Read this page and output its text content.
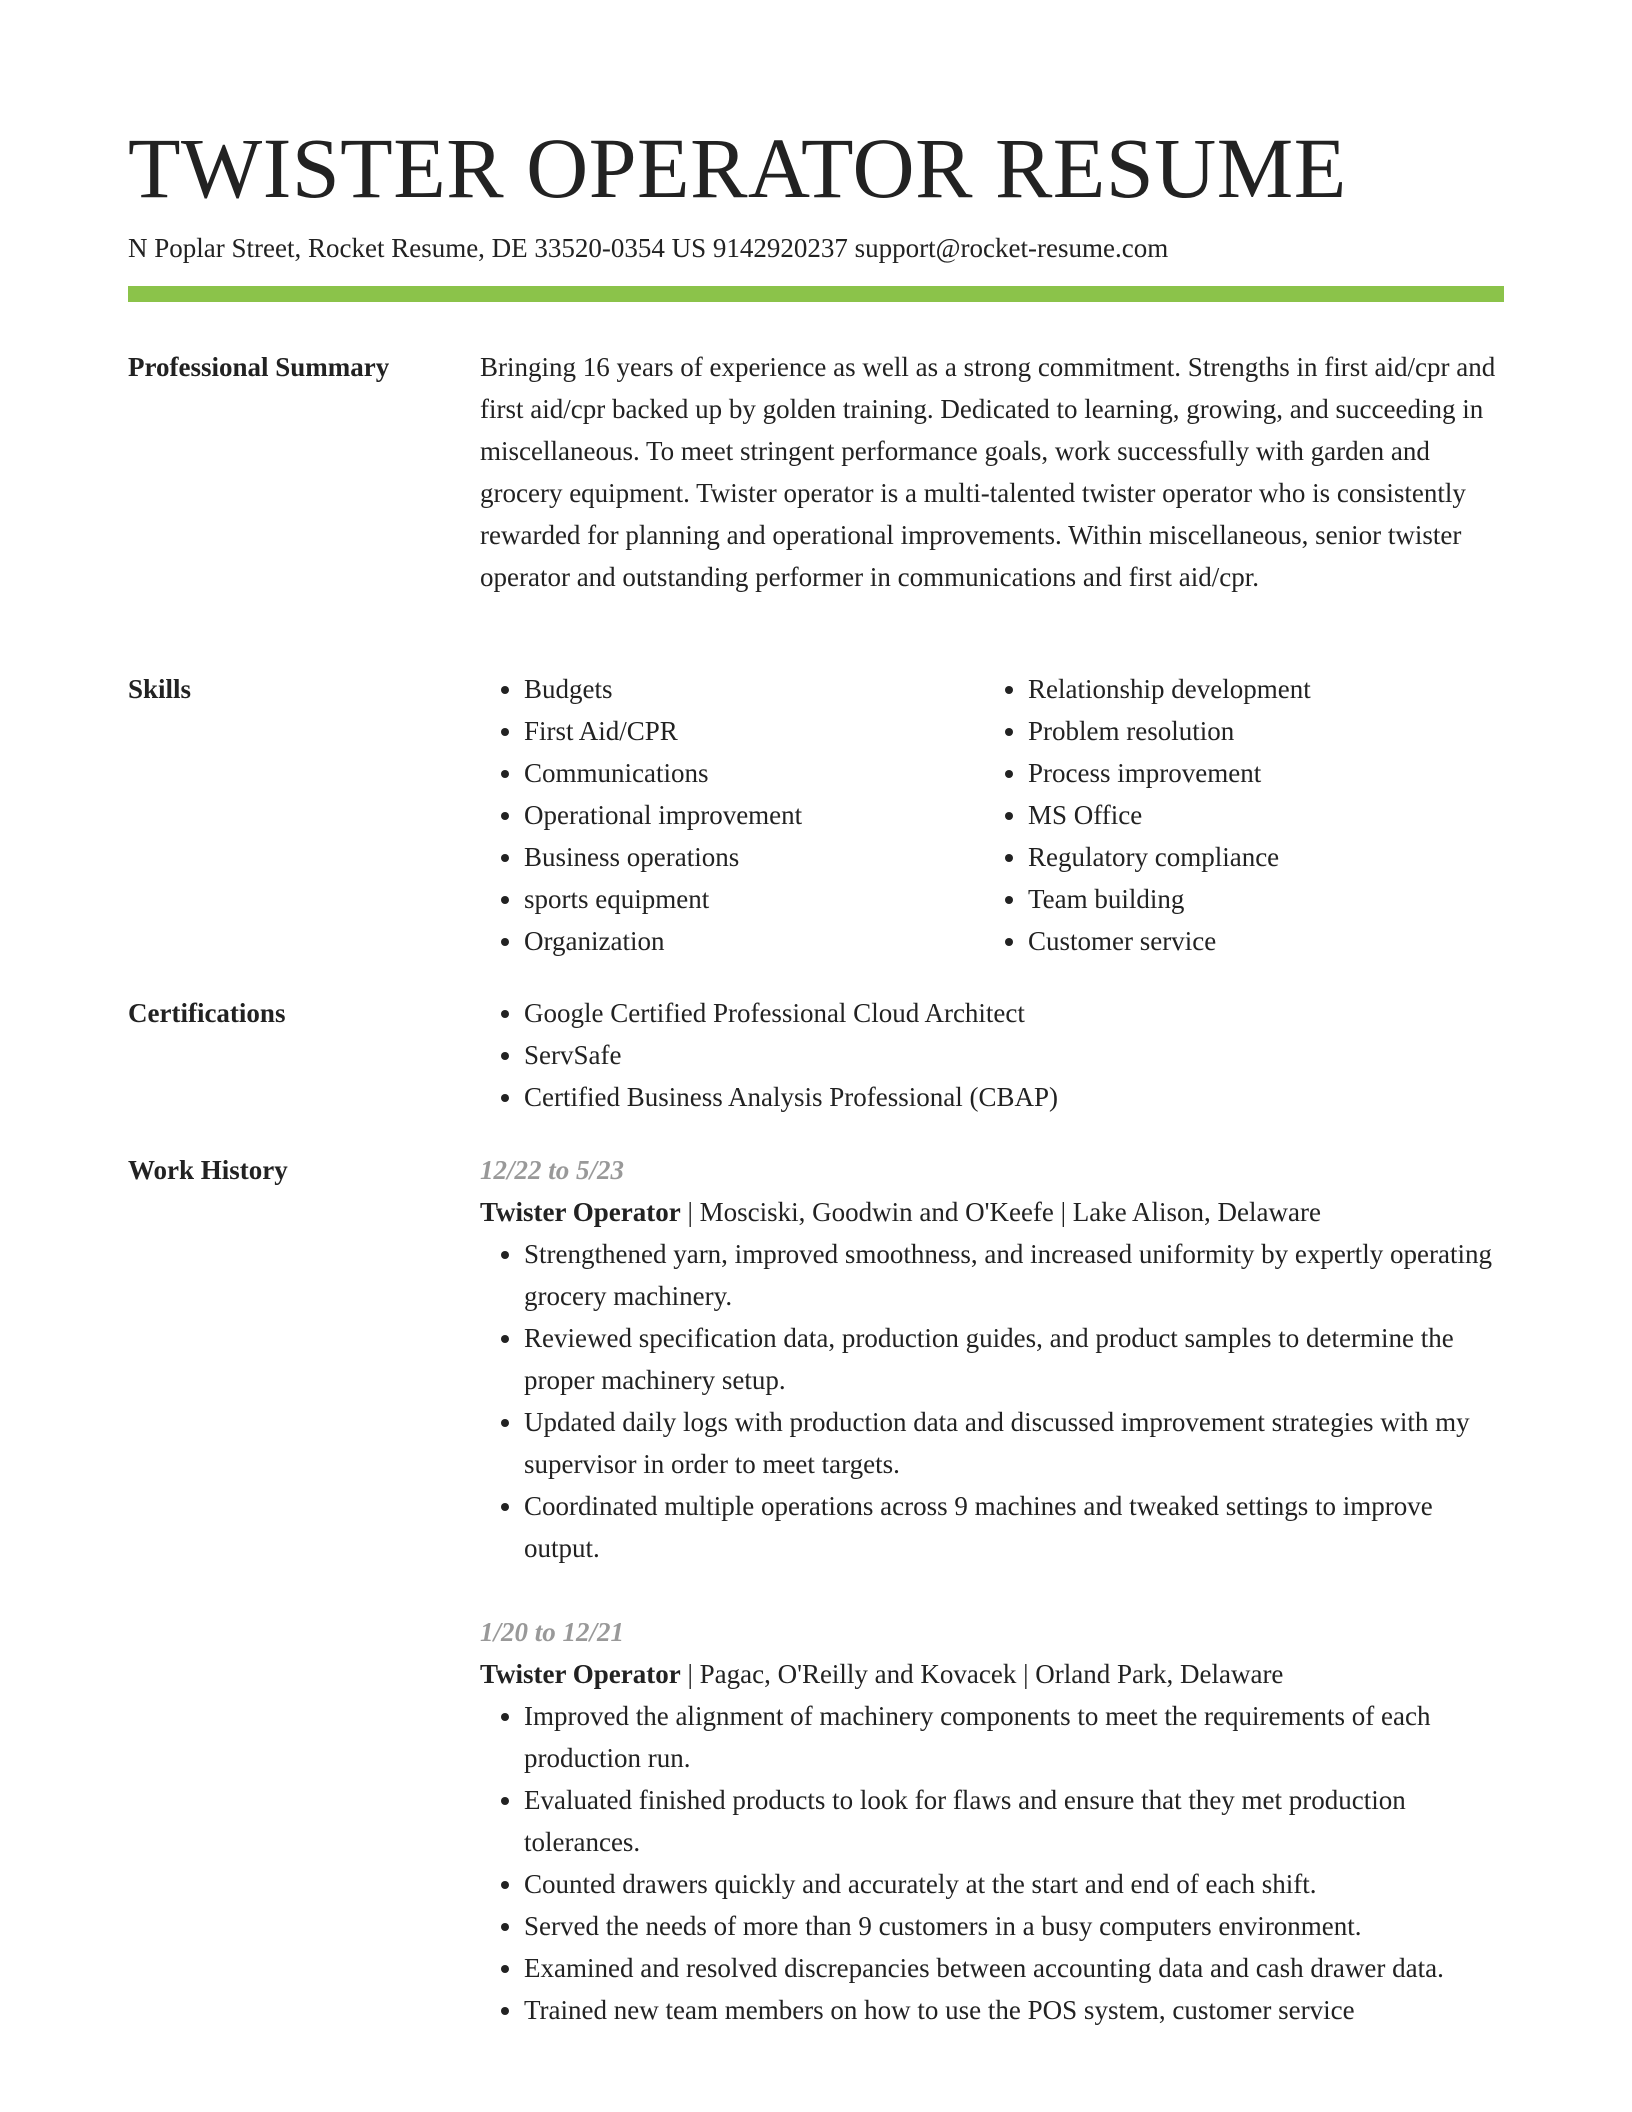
TWISTER OPERATOR RESUME
N Poplar Street, Rocket Resume, DE 33520-0354 US 9142920237 support@rocket-resume.com
Professional Summary	Bringing 16 years of experience as well as a strong commitment. Strengths in first aid/cpr and first aid/cpr backed up by golden training. Dedicated to learning, growing, and succeeding in miscellaneous. To meet stringent performance goals, work successfully with garden and grocery equipment. Twister operator is a multi-talented twister operator who is consistently rewarded for planning and operational improvements. Within miscellaneous, senior twister operator and outstanding performer in communications and first aid/cpr.

Skills	• Budgets
• First Aid/CPR
• Communications
• Operational improvement
• Business operations
• sports equipment
• Organization
• Relationship development
• Problem resolution
• Process improvement
• MS Office
• Regulatory compliance
• Team building
• Customer service
Certifications	• Google Certified Professional Cloud Architect
• ServSafe
• Certified Business Analysis Professional (CBAP)
Work History	12/22 to 5/23
Twister Operator | Mosciski, Goodwin and O'Keefe | Lake Alison, Delaware
• Strengthened yarn, improved smoothness, and increased uniformity by expertly operating grocery machinery.
• Reviewed specification data, production guides, and product samples to determine the proper machinery setup.
• Updated daily logs with production data and discussed improvement strategies with my supervisor in order to meet targets.
• Coordinated multiple operations across 9 machines and tweaked settings to improve output.
1/20 to 12/21
Twister Operator | Pagac, O'Reilly and Kovacek | Orland Park, Delaware
• Improved the alignment of machinery components to meet the requirements of each production run.
• Evaluated finished products to look for flaws and ensure that they met production tolerances.
• Counted drawers quickly and accurately at the start and end of each shift.
• Served the needs of more than 9 customers in a busy computers environment.
• Examined and resolved discrepancies between accounting data and cash drawer data.
• Trained new team members on how to use the POS system, customer service
